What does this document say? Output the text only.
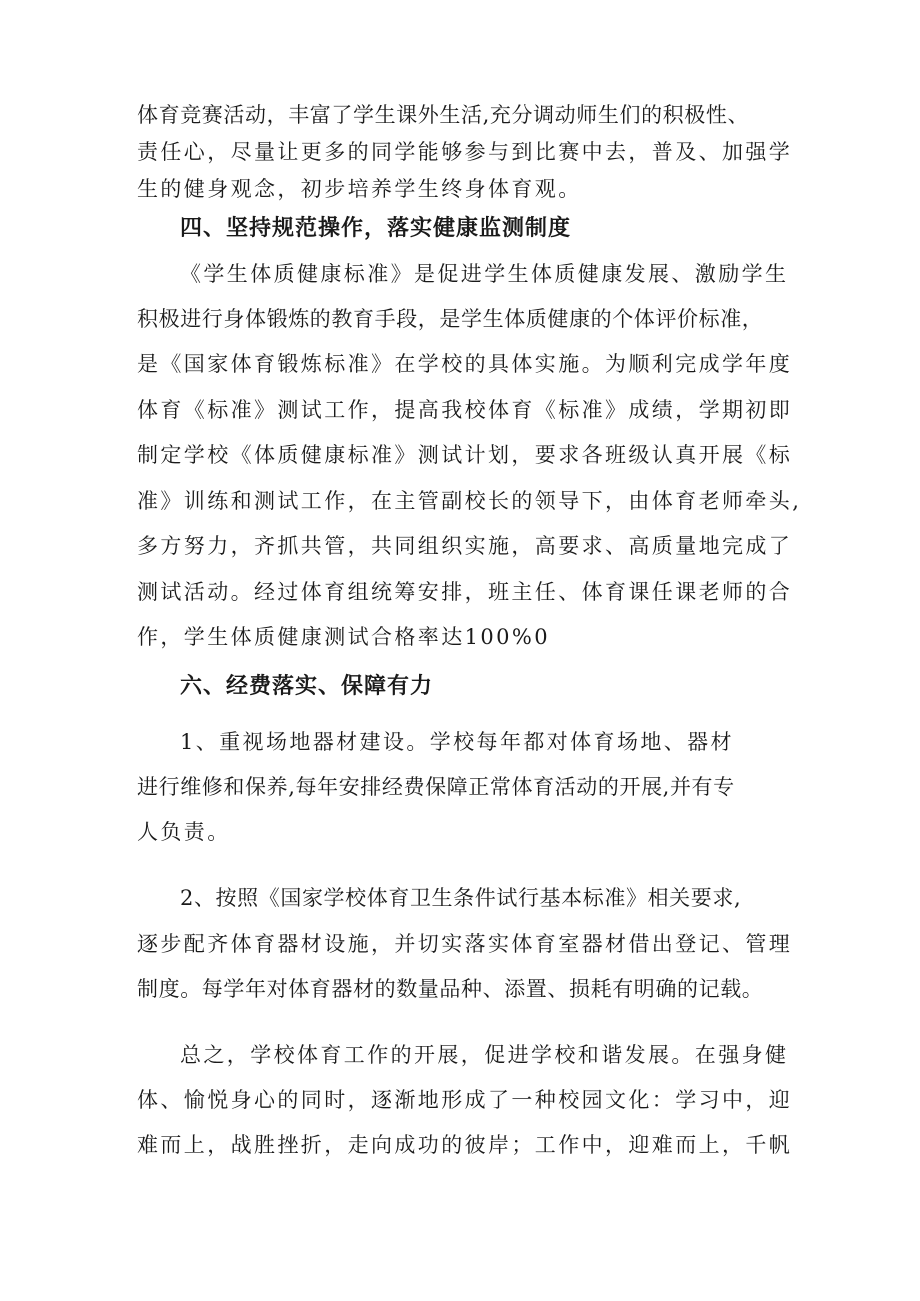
体育竞赛活动，丰富了学生课外生活,充分调动师生们的积极性、
责任心，尽量让更多的同学能够参与到比赛中去，普及、加强学
生的健身观念，初步培养学生终身体育观。
四、坚持规范操作，落实健康监测制度
《学生体质健康标准》是促进学生体质健康发展、激励学生
积极进行身体锻炼的教育手段，是学生体质健康的个体评价标准，
是《国家体育锻炼标准》在学校的具体实施。为顺利完成学年度
体育《标准》测试工作，提高我校体育《标准》成绩，学期初即
制定学校《体质健康标准》测试计划，要求各班级认真开展《标
准》训练和测试工作，在主管副校长的领导下，由体育老师牵头,
多方努力，齐抓共管，共同组织实施，高要求、高质量地完成了
测试活动。经过体育组统筹安排，班主任、体育课任课老师的合
作，学生体质健康测试合格率达100%0
六、经费落实、保障有力
1、重视场地器材建设。学校每年都对体育场地、器材
进行维修和保养,每年安排经费保障正常体育活动的开展,并有专
人负责。
2、按照《国家学校体育卫生条件试行基本标准》相关要求,
逐步配齐体育器材设施，并切实落实体育室器材借出登记、管理
制度。每学年对体育器材的数量品种、添置、损耗有明确的记载。
总之，学校体育工作的开展，促进学校和谐发展。在强身健
体、愉悦身心的同时，逐渐地形成了一种校园文化：学习中，迎
难而上，战胜挫折，走向成功的彼岸；工作中，迎难而上，千帆
